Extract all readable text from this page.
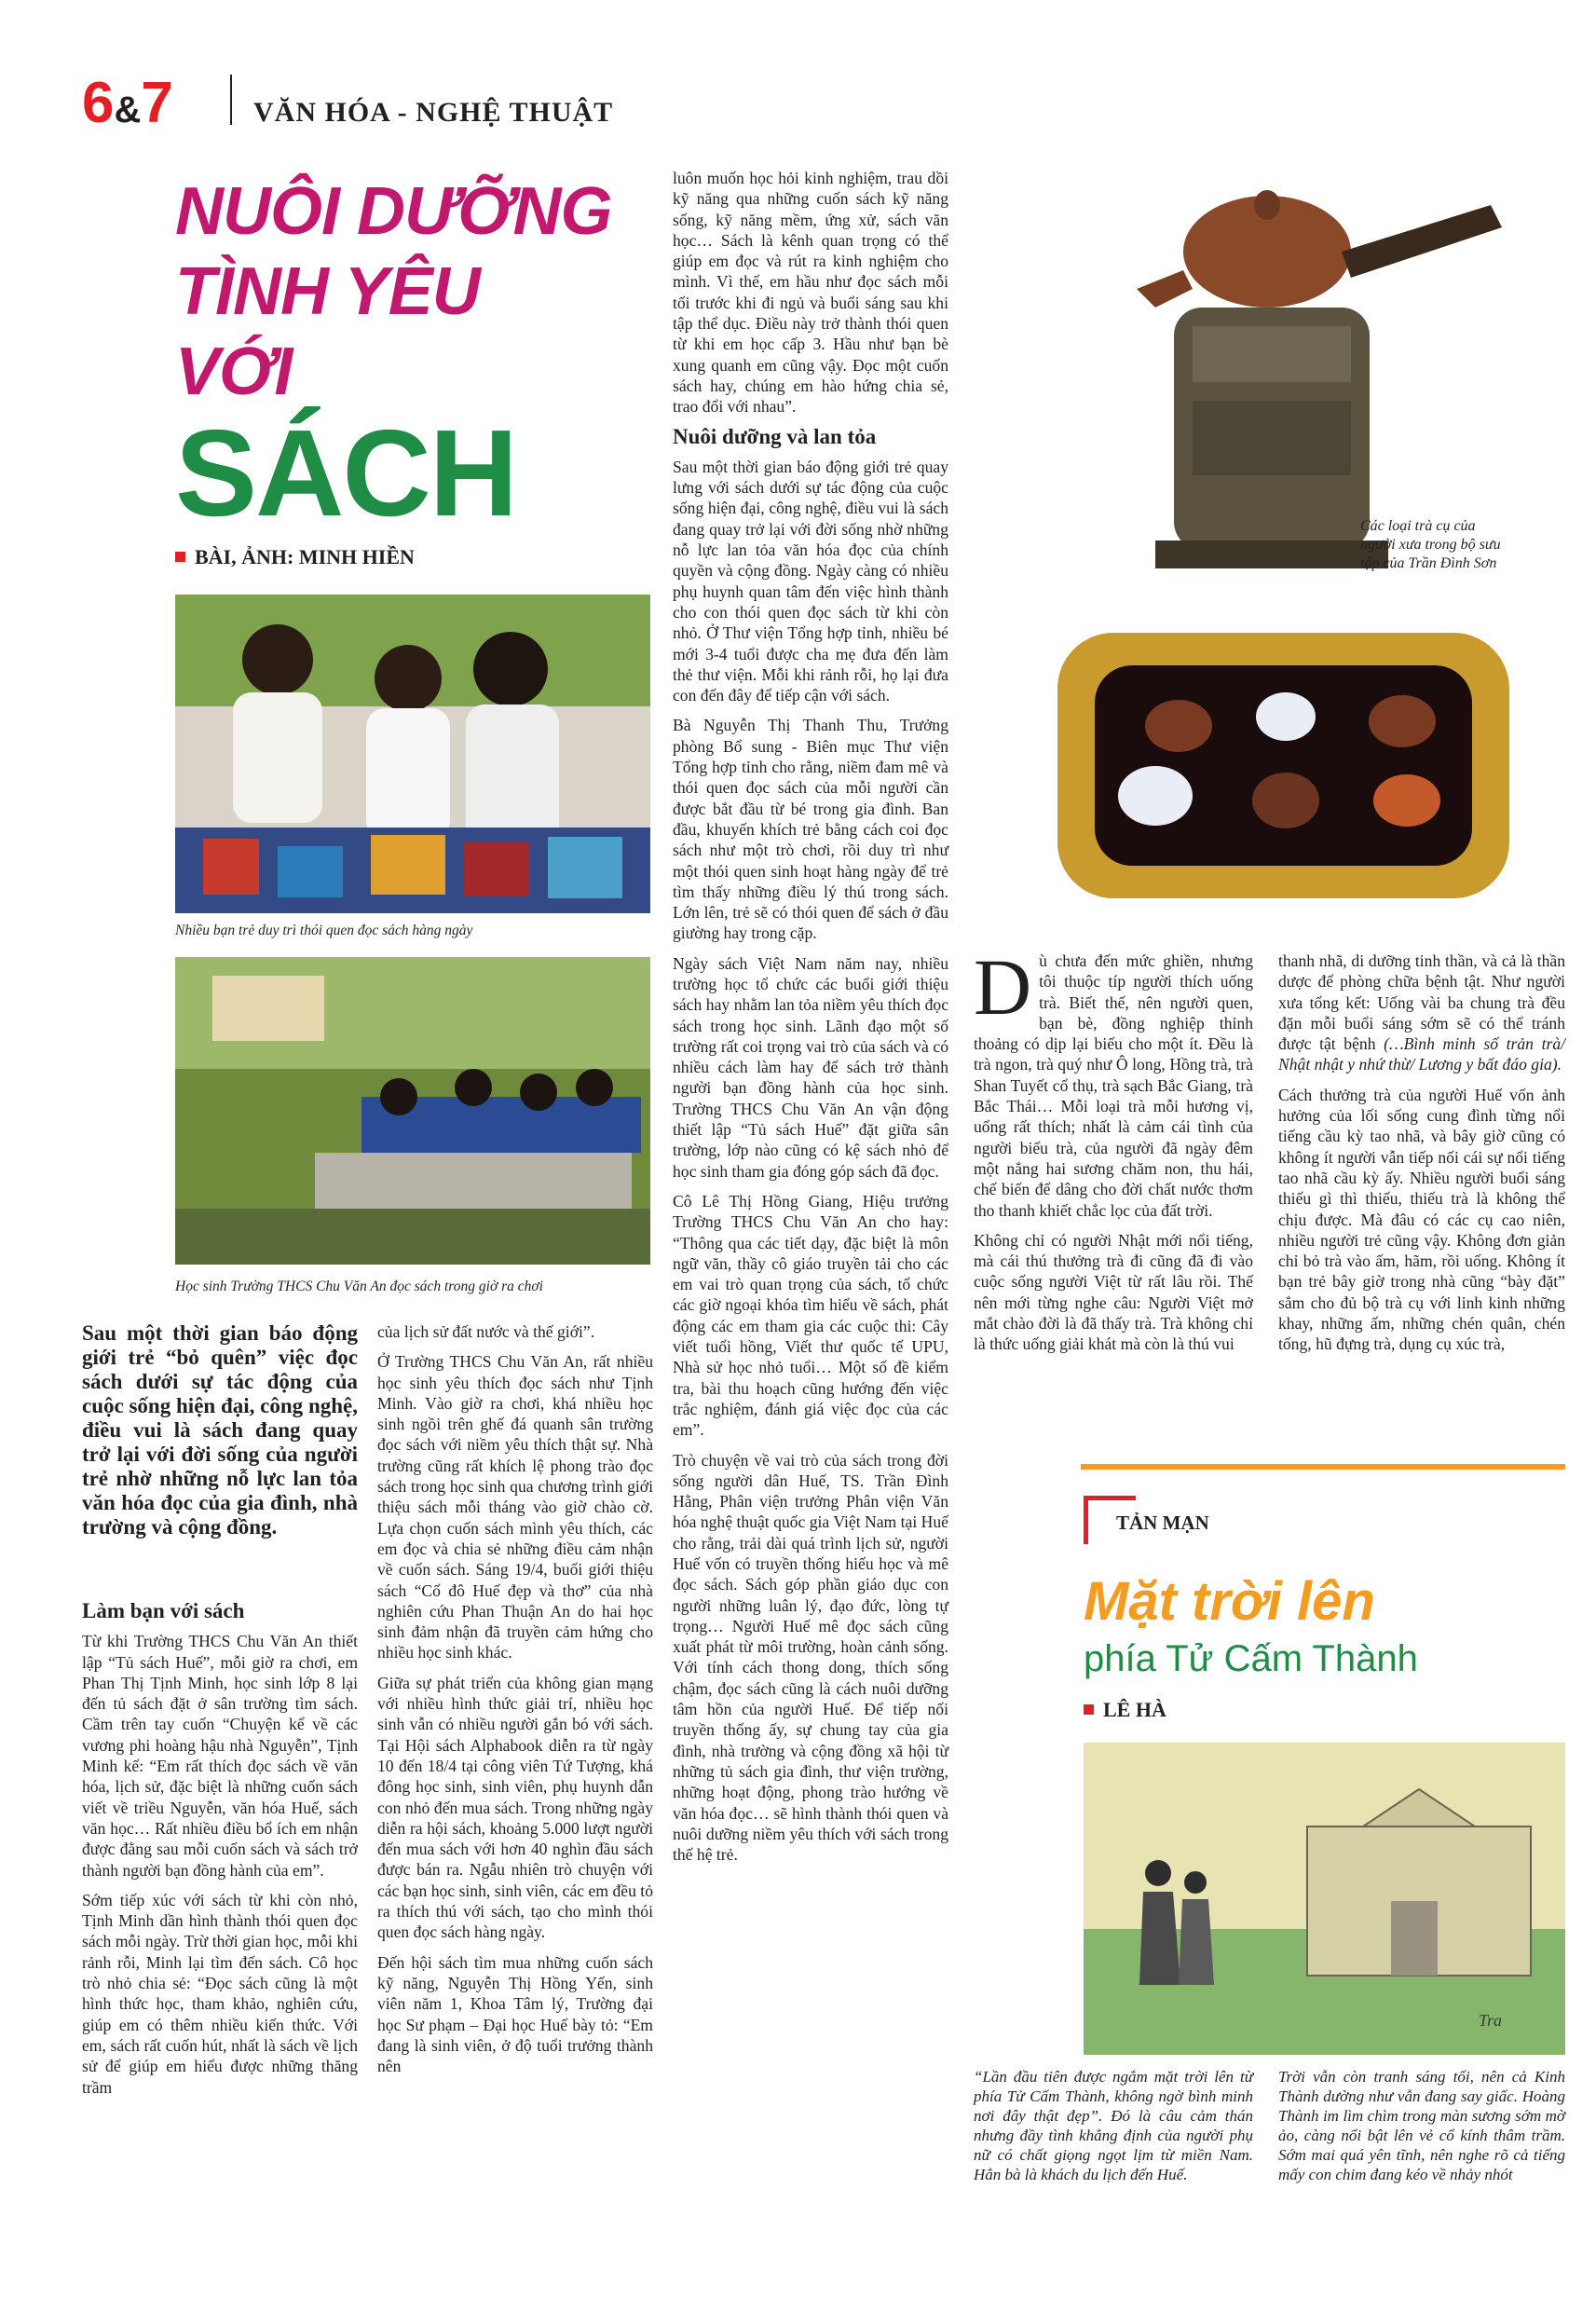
6&7	VĂN HÓA - NGHỆ THUẬT
NUÔI DƯỠNG
TÌNH YÊU
VỚI
SÁCH
BÀI, ẢNH: MINH HIỀN
Nhiều bạn trẻ duy trì thói quen đọc sách hàng ngày
Học sinh Trường THCS Chu Văn An đọc sách trong giờ ra chơi
Sau một thời gian báo động giới trẻ “bỏ quên” việc đọc sách dưới sự tác động của cuộc sống hiện đại, công nghệ, điều vui là sách đang quay trở lại với đời sống của người trẻ nhờ những nỗ lực lan tỏa văn hóa đọc của gia đình, nhà trường và cộng đồng.
Làm bạn với sách

Từ khi Trường THCS Chu Văn An thiết lập “Tủ sách Huế”, mỗi giờ ra chơi, em Phan Thị Tịnh Minh, học sinh lớp 8 lại đến tủ sách đặt ở sân trường tìm sách. Cầm trên tay cuốn “Chuyện kể về các vương phi hoàng hậu nhà Nguyễn”, Tịnh Minh kể: “Em rất thích đọc sách về văn hóa, lịch sử, đặc biệt là những cuốn sách viết về triều Nguyễn, văn hóa Huế, sách văn học… Rất nhiều điều bổ ích em nhận được đằng sau mỗi cuốn sách và sách trở thành người bạn đồng hành của em”.

Sớm tiếp xúc với sách từ khi còn nhỏ, Tịnh Minh dần hình thành thói quen đọc sách mỗi ngày. Trừ thời gian học, mỗi khi rảnh rỗi, Minh lại tìm đến sách. Cô học trò nhỏ chia sẻ: “Đọc sách cũng là một hình thức học, tham khảo, nghiên cứu, giúp em có thêm nhiều kiến thức. Với em, sách rất cuốn hút, nhất là sách về lịch sử để giúp em hiểu được những thăng trầm

của lịch sử đất nước và thế giới”.

Ở Trường THCS Chu Văn An, rất nhiều học sinh yêu thích đọc sách như Tịnh Minh. Vào giờ ra chơi, khá nhiều học sinh ngồi trên ghế đá quanh sân trường đọc sách với niềm yêu thích thật sự. Nhà trường cũng rất khích lệ phong trào đọc sách trong học sinh qua chương trình giới thiệu sách mỗi tháng vào giờ chào cờ. Lựa chọn cuốn sách mình yêu thích, các em đọc và chia sẻ những điều cảm nhận về cuốn sách. Sáng 19/4, buổi giới thiệu sách “Cố đô Huế đẹp và thơ” của nhà nghiên cứu Phan Thuận An do hai học sinh đảm nhận đã truyền cảm hứng cho nhiều học sinh khác.

Giữa sự phát triển của không gian mạng với nhiều hình thức giải trí, nhiều học sinh vẫn có nhiều người gắn bó với sách. Tại Hội sách Alphabook diễn ra từ ngày 10 đến 18/4 tại công viên Tứ Tượng, khá đông học sinh, sinh viên, phụ huynh dẫn con nhỏ đến mua sách. Trong những ngày diễn ra hội sách, khoảng 5.000 lượt người đến mua sách với hơn 40 nghìn đầu sách được bán ra. Ngẫu nhiên trò chuyện với các bạn học sinh, sinh viên, các em đều tỏ ra thích thú với sách, tạo cho mình thói quen đọc sách hàng ngày.

Đến hội sách tìm mua những cuốn sách kỹ năng, Nguyễn Thị Hồng Yến, sinh viên năm 1, Khoa Tâm lý, Trường đại học Sư phạm – Đại học Huế bày tỏ: “Em đang là sinh viên, ở độ tuổi trưởng thành nên

luôn muốn học hỏi kinh nghiệm, trau dồi kỹ năng qua những cuốn sách kỹ năng sống, kỹ năng mềm, ứng xử, sách văn học… Sách là kênh quan trọng có thể giúp em đọc và rút ra kinh nghiệm cho mình. Vì thế, em hầu như đọc sách mỗi tối trước khi đi ngủ và buổi sáng sau khi tập thể dục. Điều này trở thành thói quen từ khi em học cấp 3. Hầu như bạn bè xung quanh em cũng vậy. Đọc một cuốn sách hay, chúng em hào hứng chia sẻ, trao đổi với nhau”.

Nuôi dưỡng và lan tỏa

Sau một thời gian báo động giới trẻ quay lưng với sách dưới sự tác động của cuộc sống hiện đại, công nghệ, điều vui là sách đang quay trở lại với đời sống nhờ những nỗ lực lan tỏa văn hóa đọc của chính quyền và cộng đồng. Ngày càng có nhiều phụ huynh quan tâm đến việc hình thành cho con thói quen đọc sách từ khi còn nhỏ. Ở Thư viện Tổng hợp tỉnh, nhiều bé mới 3-4 tuổi được cha mẹ đưa đến làm thẻ thư viện. Mỗi khi rảnh rỗi, họ lại đưa con đến đây để tiếp cận với sách.

Bà Nguyễn Thị Thanh Thu, Trưởng phòng Bổ sung - Biên mục Thư viện Tổng hợp tỉnh cho rằng, niềm đam mê và thói quen đọc sách của mỗi người cần được bắt đầu từ bé trong gia đình. Ban đầu, khuyến khích trẻ bằng cách coi đọc sách như một trò chơi, rồi duy trì như một thói quen sinh hoạt hàng ngày để trẻ tìm thấy những điều lý thú trong sách. Lớn lên, trẻ sẽ có thói quen để sách ở đầu giường hay trong cặp.

Ngày sách Việt Nam năm nay, nhiều trường học tổ chức các buổi giới thiệu sách hay nhằm lan tỏa niềm yêu thích đọc sách trong học sinh. Lãnh đạo một số trường rất coi trọng vai trò của sách và có nhiều cách làm hay để sách trở thành người bạn đồng hành của học sinh. Trường THCS Chu Văn An vận động thiết lập “Tủ sách Huế” đặt giữa sân trường, lớp nào cũng có kệ sách nhỏ để học sinh tham gia đóng góp sách đã đọc.

Cô Lê Thị Hồng Giang, Hiệu trưởng Trường THCS Chu Văn An cho hay: “Thông qua các tiết dạy, đặc biệt là môn ngữ văn, thầy cô giáo truyền tải cho các em vai trò quan trọng của sách, tổ chức các giờ ngoại khóa tìm hiểu về sách, phát động các em tham gia các cuộc thi: Cây viết tuổi hồng, Viết thư quốc tế UPU, Nhà sử học nhỏ tuổi… Một số đề kiểm tra, bài thu hoạch cũng hướng đến việc trắc nghiệm, đánh giá việc đọc của các em”.

Trò chuyện về vai trò của sách trong đời sống người dân Huế, TS. Trần Đình Hằng, Phân viện trưởng Phân viện Văn hóa nghệ thuật quốc gia Việt Nam tại Huế cho rằng, trải dài quá trình lịch sử, người Huế vốn có truyền thống hiếu học và mê đọc sách. Sách góp phần giáo dục con người những luân lý, đạo đức, lòng tự trọng… Người Huế mê đọc sách cũng xuất phát từ môi trường, hoàn cảnh sống. Với tính cách thong dong, thích sống chậm, đọc sách cũng là cách nuôi dưỡng tâm hồn của người Huế. Để tiếp nối truyền thống ấy, sự chung tay của gia đình, nhà trường và cộng đồng xã hội từ những tủ sách gia đình, thư viện trường, những hoạt động, phong trào hướng về văn hóa đọc… sẽ hình thành thói quen và nuôi dưỡng niềm yêu thích với sách trong thế hệ trẻ.

Các loại trà cụ của người xưa trong bộ sưu tập của Trần Đình Sơn

Dù chưa đến mức ghiền, nhưng tôi thuộc típ người thích uống trà. Biết thế, nên người quen, bạn bè, đồng nghiệp thỉnh thoảng có dịp lại biếu cho một ít. Đều là trà ngon, trà quý như Ô long, Hồng trà, trà Shan Tuyết cổ thụ, trà sạch Bắc Giang, trà Bắc Thái… Mỗi loại trà mỗi hương vị, uống rất thích; nhất là cảm cái tình của người biếu trà, của người đã ngày đêm một nắng hai sương chăm non, thu hái, chế biến để dâng cho đời chất nước thơm tho thanh khiết chắc lọc của đất trời.

Không chỉ có người Nhật mới nổi tiếng, mà cái thú thưởng trà đi cũng đã đi vào cuộc sống người Việt từ rất lâu rồi. Thế nên mới từng nghe câu: Người Việt mở mắt chào đời là đã thấy trà. Trà không chỉ là thức uống giải khát mà còn là thú vui

thanh nhã, di dưỡng tinh thần, và cả là thần dược để phòng chữa bệnh tật. Như người xưa tổng kết: Uống vài ba chung trà đều đặn mỗi buổi sáng sớm sẽ có thể tránh được tật bệnh (…Bình minh số trản trà/ Nhật nhật y nhứ thừ/ Lương y bất đáo gia).

Cách thưởng trà của người Huế vốn ảnh hưởng của lối sống cung đình từng nổi tiếng cầu kỳ tao nhã, và bây giờ cũng có không ít người vẫn tiếp nối cái sự nổi tiếng tao nhã cầu kỳ ấy. Nhiều người buổi sáng thiếu gì thì thiếu, thiếu trà là không thể chịu được. Mà đâu có các cụ cao niên, nhiều người trẻ cũng vậy. Không đơn giản chỉ bỏ trà vào ấm, hãm, rồi uống. Không ít bạn trẻ bây giờ trong nhà cũng “bày đặt” sắm cho đủ bộ trà cụ với linh kinh những khay, những ấm, những chén quân, chén tống, hũ đựng trà, dụng cụ xúc trà,

TẢN MẠN
Mặt trời lên
phía Tử Cấm Thành
LÊ HÀ
Tra
“Lần đầu tiên được ngắm mặt trời lên từ phía Tử Cấm Thành, không ngờ bình minh nơi đây thật đẹp”. Đó là câu cảm thán nhưng đầy tình khẳng định của người phụ nữ có chất giọng ngọt lịm từ miền Nam. Hẳn bà là khách du lịch đến Huế.
Trời vẫn còn tranh sáng tối, nên cả Kinh Thành dường như vẫn đang say giấc. Hoàng Thành im lìm chìm trong màn sương sớm mờ ảo, càng nổi bật lên vẻ cổ kính thâm trầm. Sớm mai quá yên tĩnh, nên nghe rõ cả tiếng mấy con chim đang kéo về nhảy nhót
